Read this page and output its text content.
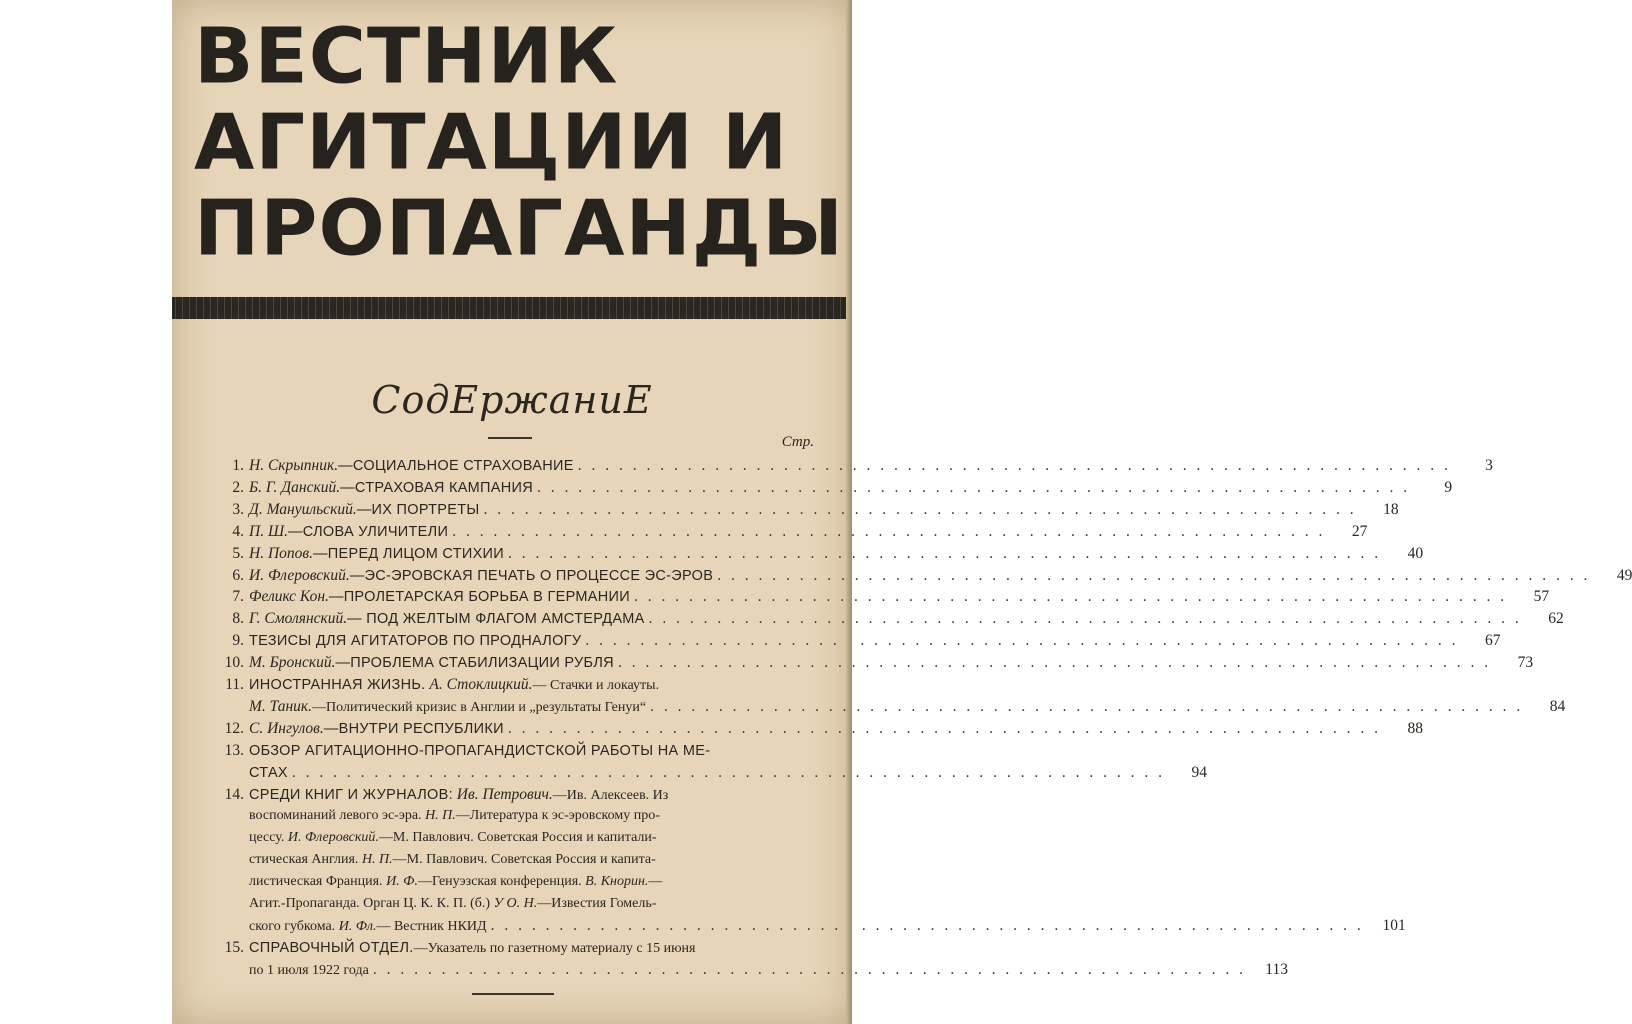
ВЕСТНИК
АГИТАЦИИ И
ПРОПАГАНДЫ
СодЕржаниЕ
Стр.
1. Н. Скрыпник.—СОЦИАЛЬНОЕ СТРАХОВАНИЕ . . .	3
2. Б. Г. Данский.—СТРАХОВАЯ КАМПАНИЯ . . .	9
3. Д. Мануильский.—ИХ ПОРТРЕТЫ . . .	18
4. П. Ш.—СЛОВА УЛИЧИТЕЛИ . . .	27
5. Н. Попов.—ПЕРЕД ЛИЦОМ СТИХИИ . . .	40
6. И. Флеровский.—ЭС-ЭРОВСКАЯ ПЕЧАТЬ О ПРОЦЕССЕ ЭС-ЭРОВ . . .	49
7. Феликс Кон.—ПРОЛЕТАРСКАЯ БОРЬБА В ГЕРМАНИИ . . .	57
8. Г. Смолянский.— ПОД ЖЕЛТЫМ ФЛАГОМ АМСТЕРДАМА . . .	62
9. ТЕЗИСЫ ДЛЯ АГИТАТОРОВ ПО ПРОДНАЛОГУ . . .	67
10. М. Бронский.—ПРОБЛЕМА СТАБИЛИЗАЦИИ РУБЛЯ . . .	73
11. ИНОСТРАННАЯ ЖИЗНЬ. А. Стоклицкий.— Стачки и локауты.
М. Таник.—Политический кризис в Англии и „результаты Генуи“ . . .	84
12. С. Ингулов.—ВНУТРИ РЕСПУБЛИКИ . . .	88
13. ОБЗОР АГИТАЦИОННО-ПРОПАГАНДИСТСКОЙ РАБОТЫ НА МЕ-
СТАХ . . .	94
14. СРЕДИ КНИГ И ЖУРНАЛОВ: Ив. Петрович.—Ив. Алексеев. Из
воспоминаний левого эс-эра. Н. П.—Литература к эс-эровскому про-
цессу. И. Флеровский.—М. Павлович. Советская Россия и капитали-
стическая Англия. Н. П.—М. Павлович. Советская Россия и капита-
листическая Франция. И. Ф.—Генуэзская конференция. В. Кнорин.—
Агит.-Пропаганда. Орган Ц. К. К. П. (б.) У О. Н.—Известия Гомель-
ского губкома. И. Фл.— Вестник НКИД . . .	101
15. СПРАВОЧНЫЙ ОТДЕЛ.—Указатель по газетному материалу с 15 июня
по 1 июля 1922 года . . .	113
